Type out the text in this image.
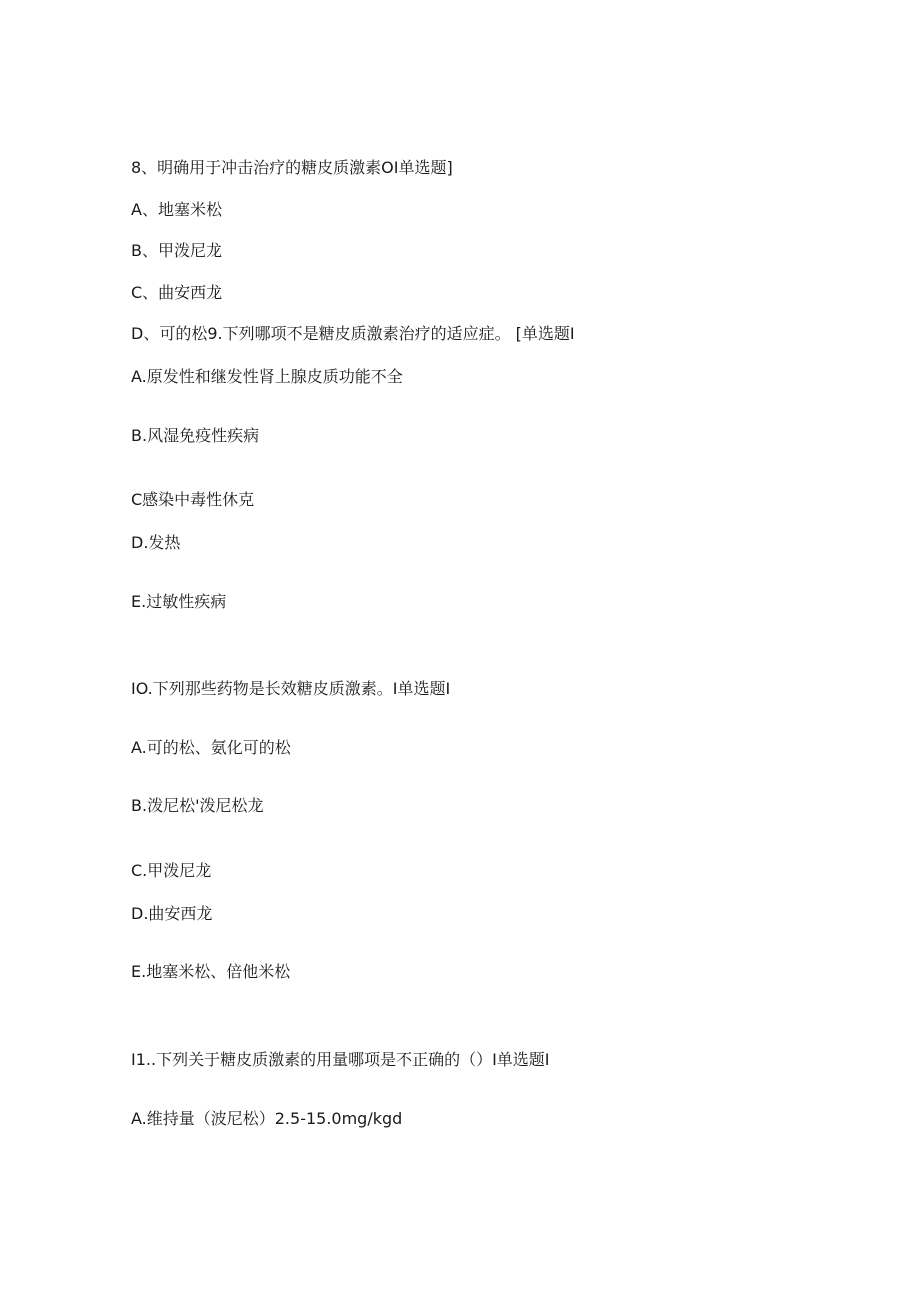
8、明确用于冲击治疗的糖皮质激素OI单选题]
A、地塞米松
B、甲泼尼龙
C、曲安西龙
D、可的松9.下列哪项不是糖皮质激素治疗的适应症。 [单选题I
A.原发性和继发性肾上腺皮质功能不全
B.风湿免疫性疾病
C感染中毒性休克
D.发热
E.过敏性疾病
IO.下列那些药物是长效糖皮质激素。I单选题I
A.可的松、氨化可的松
B.泼尼松'泼尼松龙
C.甲泼尼龙
D.曲安西龙
E.地塞米松、倍他米松
I1..下列关于糖皮质激素的用量哪项是不正确的（）I单选题I
A.维持量（波尼松）2.5-15.0mg/kgd
